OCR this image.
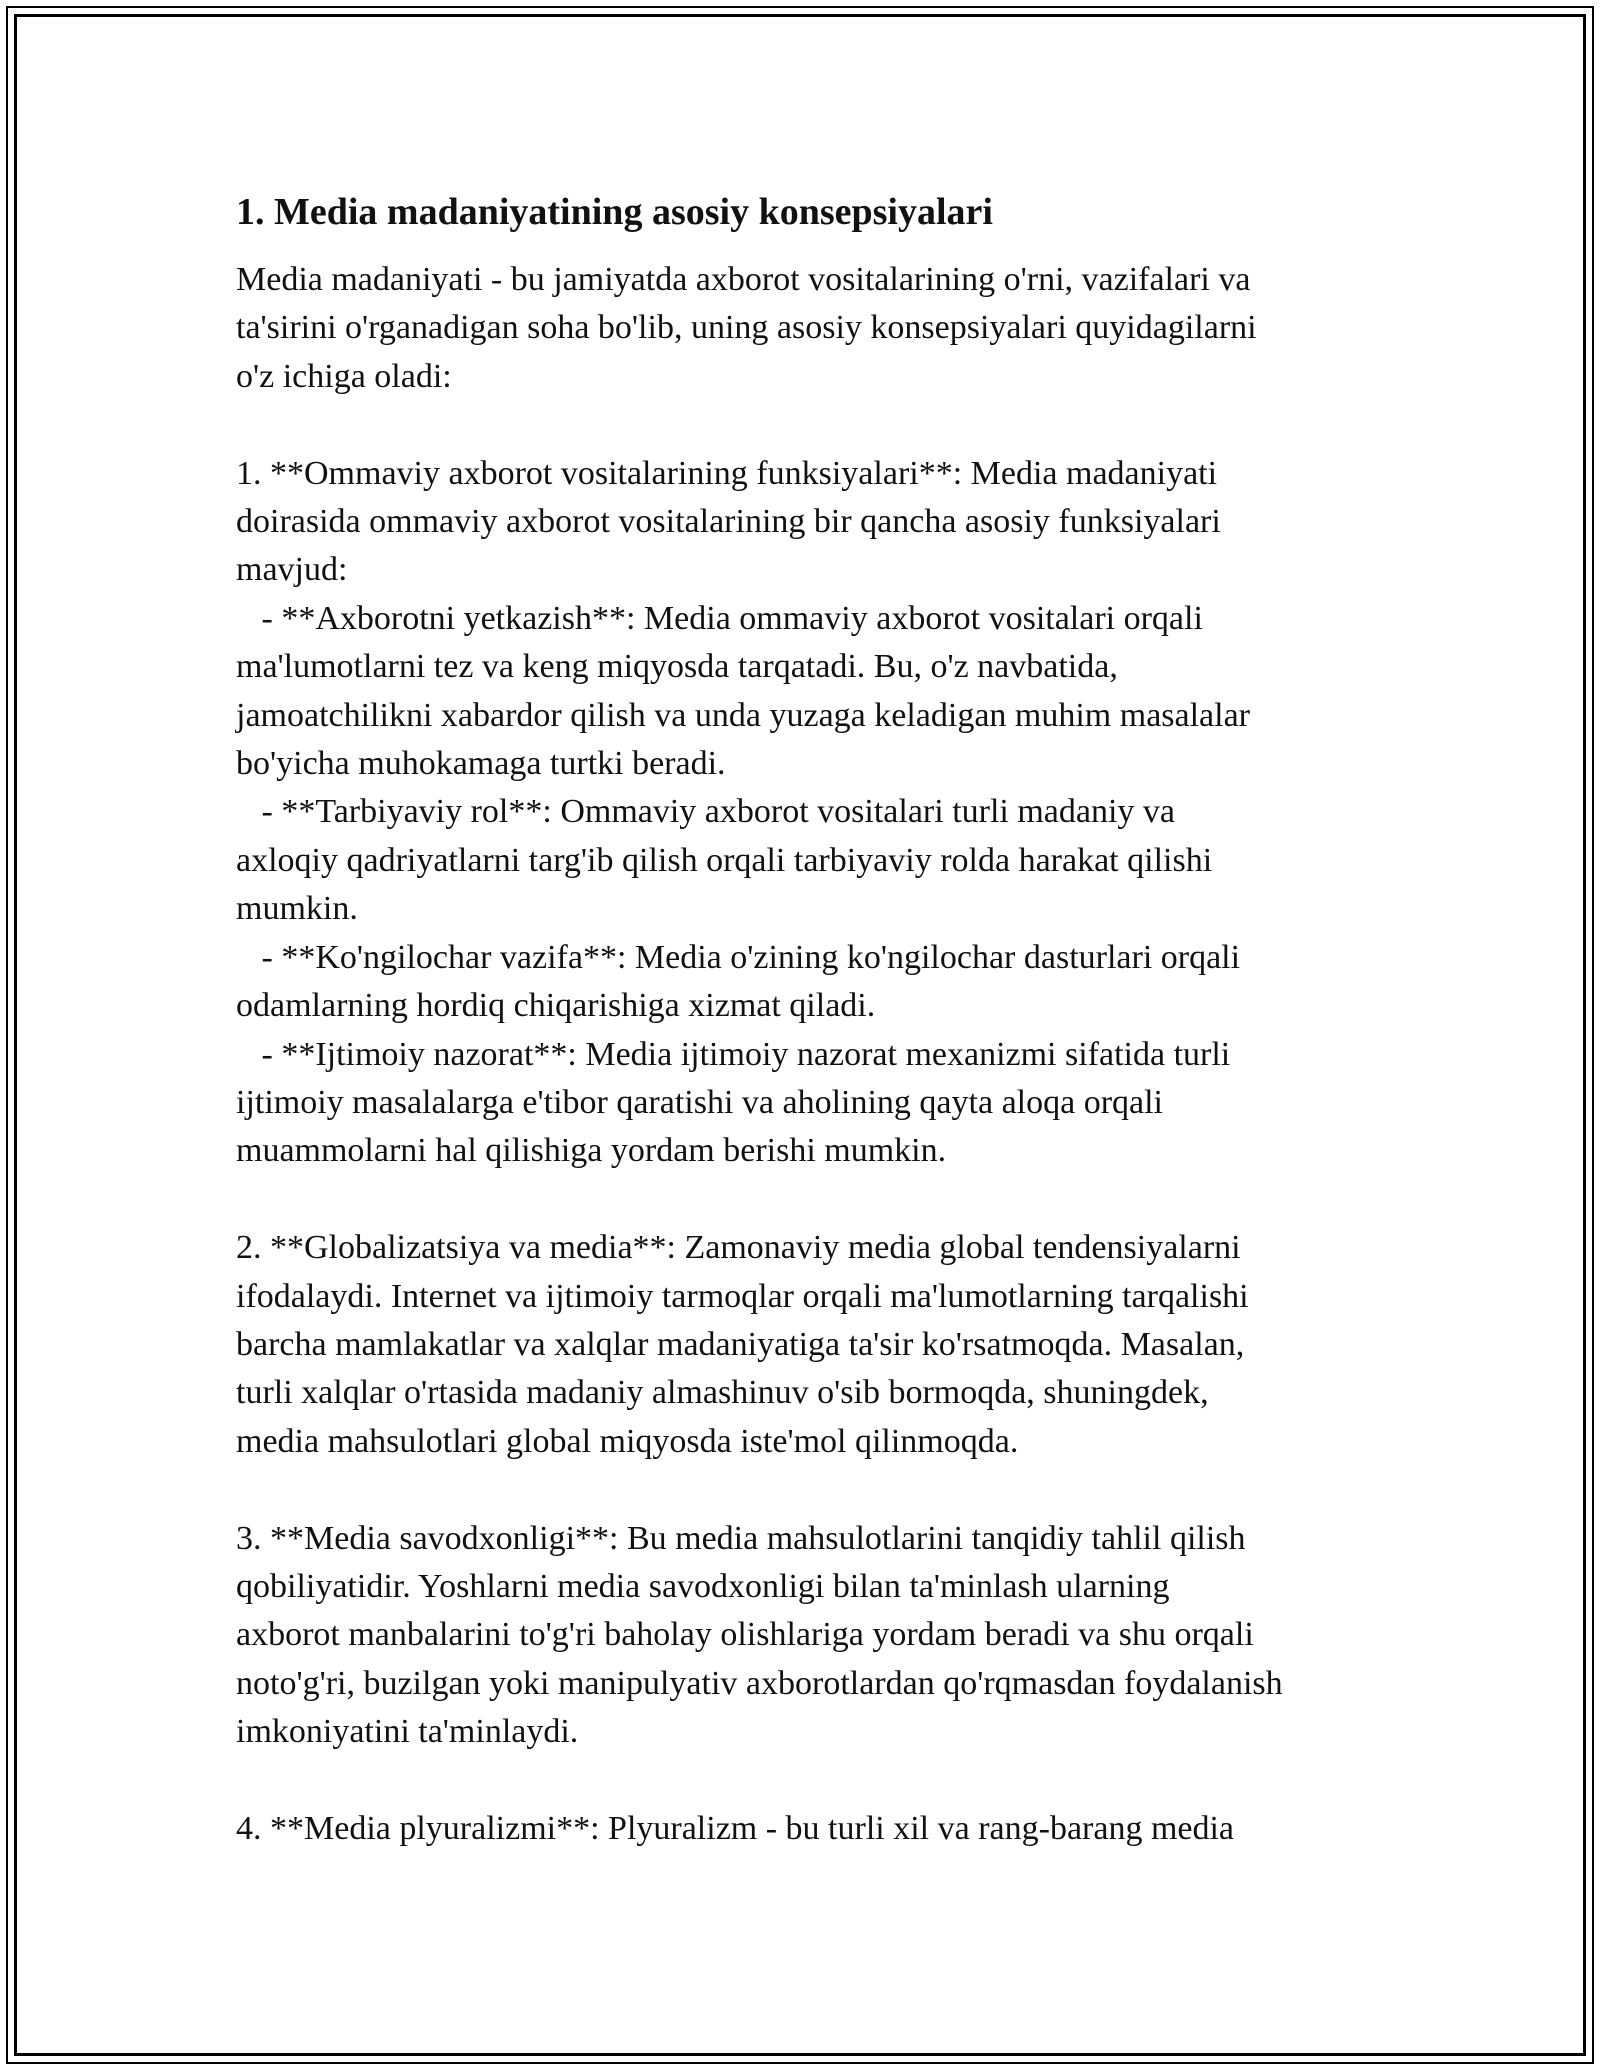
1. Media madaniyatining asosiy konsepsiyalari

Media madaniyati - bu jamiyatda axborot vositalarining o'rni, vazifalari va

ta'sirini o'rganadigan soha bo'lib, uning asosiy konsepsiyalari quyidagilarni

o'z ichiga oladi:

1. **Ommaviy axborot vositalarining funksiyalari**: Media madaniyati

doirasida ommaviy axborot vositalarining bir qancha asosiy funksiyalari

mavjud:

- **Axborotni yetkazish**: Media ommaviy axborot vositalari orqali

ma'lumotlarni tez va keng miqyosda tarqatadi. Bu, o'z navbatida,

jamoatchilikni xabardor qilish va unda yuzaga keladigan muhim masalalar

bo'yicha muhokamaga turtki beradi.

- **Tarbiyaviy rol**: Ommaviy axborot vositalari turli madaniy va

axloqiy qadriyatlarni targ'ib qilish orqali tarbiyaviy rolda harakat qilishi

mumkin.

- **Ko'ngilochar vazifa**: Media o'zining ko'ngilochar dasturlari orqali

odamlarning hordiq chiqarishiga xizmat qiladi.

- **Ijtimoiy nazorat**: Media ijtimoiy nazorat mexanizmi sifatida turli

ijtimoiy masalalarga e'tibor qaratishi va aholining qayta aloqa orqali

muammolarni hal qilishiga yordam berishi mumkin.

2. **Globalizatsiya va media**: Zamonaviy media global tendensiyalarni

ifodalaydi. Internet va ijtimoiy tarmoqlar orqali ma'lumotlarning tarqalishi

barcha mamlakatlar va xalqlar madaniyatiga ta'sir ko'rsatmoqda. Masalan,

turli xalqlar o'rtasida madaniy almashinuv o'sib bormoqda, shuningdek,

media mahsulotlari global miqyosda iste'mol qilinmoqda.

3. **Media savodxonligi**: Bu media mahsulotlarini tanqidiy tahlil qilish

qobiliyatidir. Yoshlarni media savodxonligi bilan ta'minlash ularning

axborot manbalarini to'g'ri baholay olishlariga yordam beradi va shu orqali

noto'g'ri, buzilgan yoki manipulyativ axborotlardan qo'rqmasdan foydalanish

imkoniyatini ta'minlaydi.

4. **Media plyuralizmi**: Plyuralizm - bu turli xil va rang-barang media
